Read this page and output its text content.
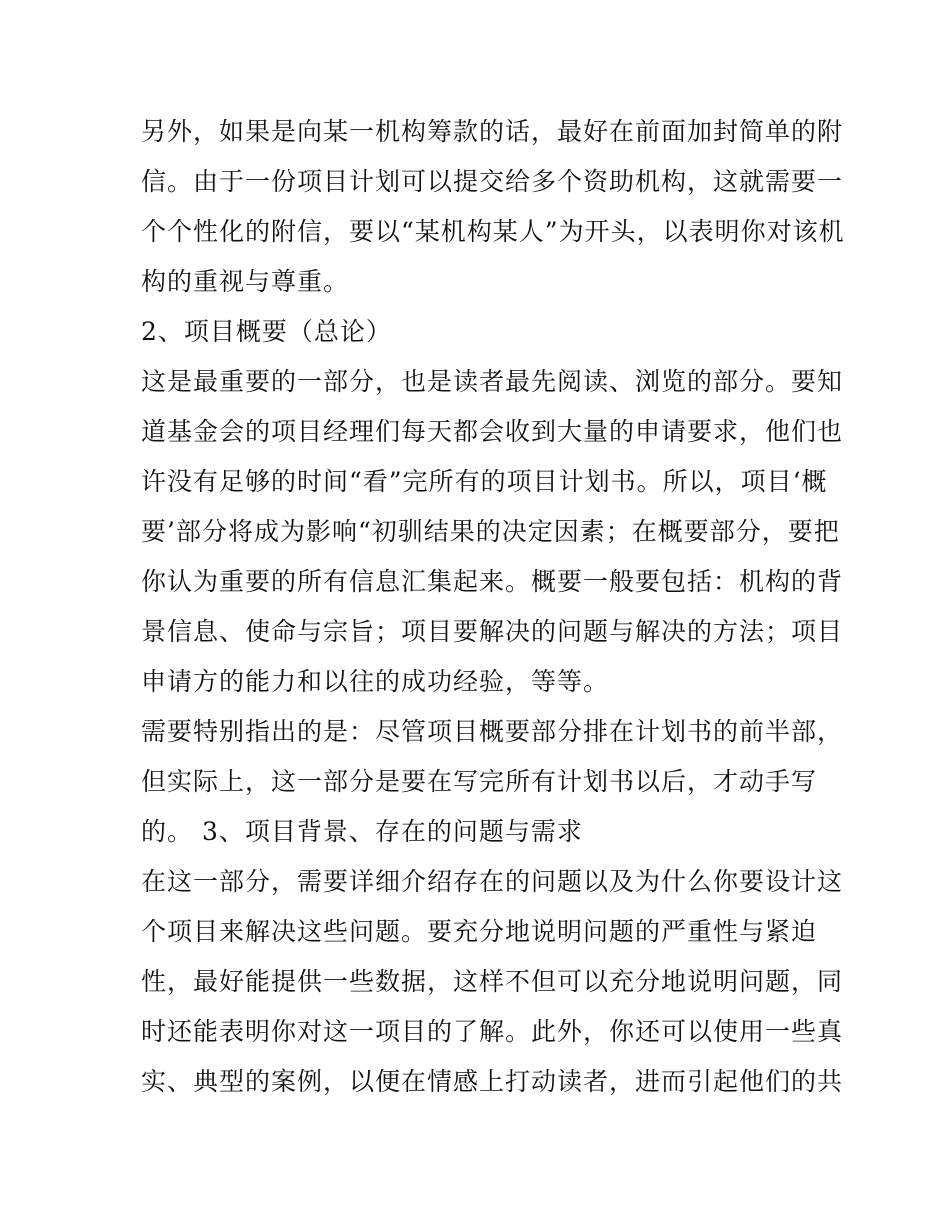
另外，如果是向某一机构筹款的话，最好在前面加封简单的附
信。由于一份项目计划可以提交给多个资助机构，这就需要一
个个性化的附信，要以“某机构某人”为开头，以表明你对该机
构的重视与尊重。
2、项目概要（总论）
这是最重要的一部分，也是读者最先阅读、浏览的部分。要知
道基金会的项目经理们每天都会收到大量的申请要求，他们也
许没有足够的时间“看”完所有的项目计划书。所以，项目‘概
要’部分将成为影响“初驯结果的决定因素；在概要部分，要把
你认为重要的所有信息汇集起来。概要一般要包括：机构的背
景信息、使命与宗旨；项目要解决的问题与解决的方法；项目
申请方的能力和以往的成功经验，等等。
需要特别指出的是：尽管项目概要部分排在计划书的前半部，
但实际上，这一部分是要在写完所有计划书以后，才动手写
的。 3、项目背景、存在的问题与需求
在这一部分，需要详细介绍存在的问题以及为什么你要设计这
个项目来解决这些问题。要充分地说明问题的严重性与紧迫
性，最好能提供一些数据，这样不但可以充分地说明问题，同
时还能表明你对这一项目的了解。此外，你还可以使用一些真
实、典型的案例，以便在情感上打动读者，进而引起他们的共
